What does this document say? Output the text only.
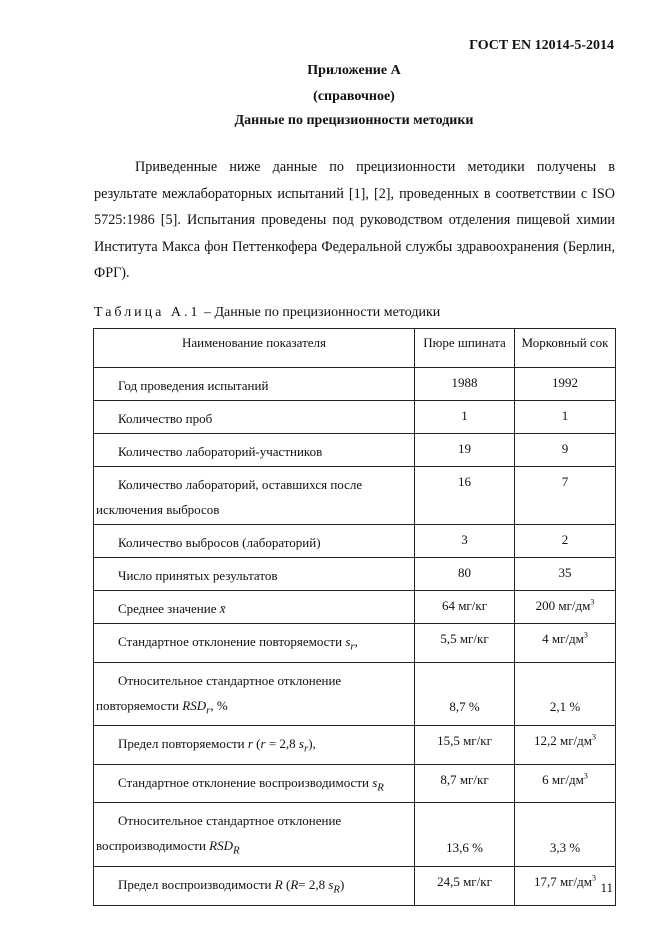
ГОСТ EN 12014-5-2014
Приложение А
(справочное)
Данные по прецизионности методики
Приведенные ниже данные по прецизионности методики получены в результате межлабораторных испытаний [1], [2], проведенных в соответствии с ISO 5725:1986 [5]. Испытания проведены под руководством отделения пищевой химии Института Макса фон Петтенкофера Федеральной службы здравоохранения (Берлин, ФРГ).
Таблица А.1 – Данные по прецизионности методики
Наименование показателя	Пюре шпината	Морковный сок

Год проведения испытаний	1988	1992

Количество проб	1	1

Количество лабораторий-участников	19	9
Количество лабораторий, оставшихся после исключения выбросов	16	7

Количество выбросов (лабораторий)	3	2

Число принятых результатов	80	35

Среднее значение x̄	64 мг/кг	200 $мг/дм^3$

Стандартное отклонение повторяемости $s_r$,	5,5 мг/кг	4 $мг/дм^3$
Относительное стандартное отклонение повторяемости $RSD_r$, %	8,7 %	2,1 %

Предел повторяемости r (r = 2,8 $s_r$),	15,5 мг/кг	12,2 $мг/дм^3$

Стандартное отклонение воспроизводимости $s_R$	8,7 мг/кг	6 $мг/дм^3$
Относительное стандартное отклонение воспроизводимости $RSD_R$	13,6 %	3,3 %

Предел воспроизводимости R (R= 2,8 $s_R$)	24,5 мг/кг	17,7 $мг/дм^3$
11
